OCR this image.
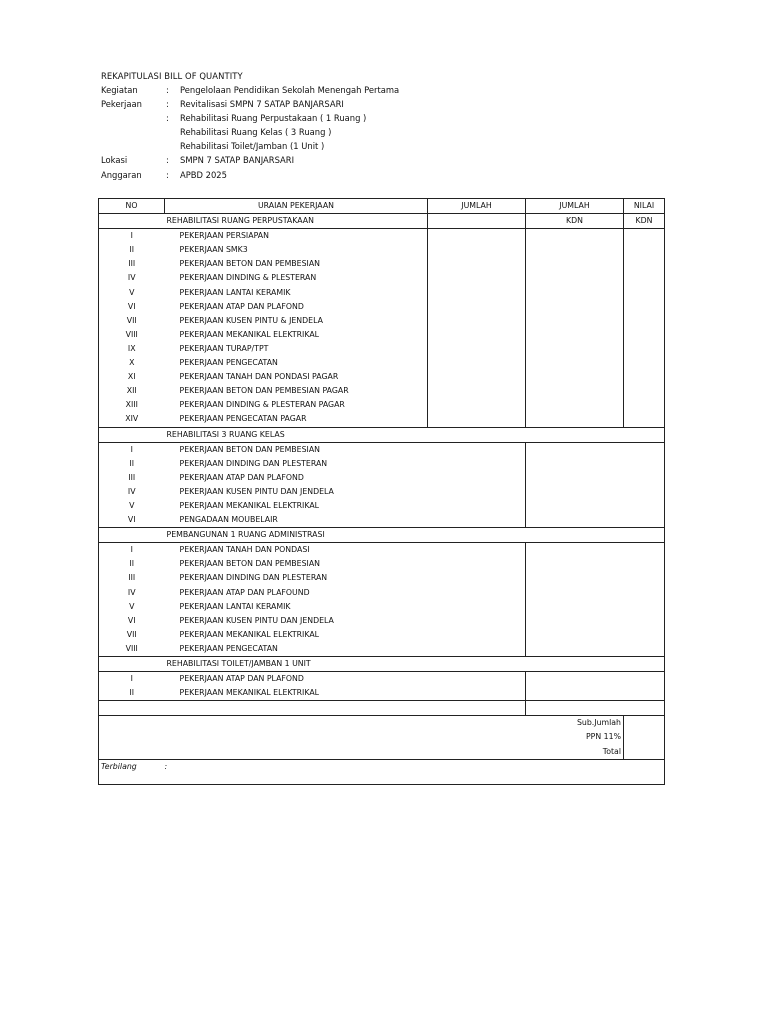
REKAPITULASI BILL OF QUANTITY
Kegiatan	: Pengelolaan Pendidikan Sekolah Menengah Pertama
Pekerjaan	: Revitalisasi SMPN 7 SATAP BANJARSARI
: Rehabilitasi Ruang Perpustakaan ( 1 Ruang )
Rehabilitasi Ruang Kelas ( 3 Ruang )
Rehabilitasi Toilet/Jamban (1 Unit )
Lokasi	: SMPN 7 SATAP BANJARSARI
Anggaran	: APBD 2025
NO	URAIAN PEKERJAAN	JUMLAH	JUMLAH	NILAI	
	REHABILITASI RUANG PERPUSTAKAAN		KDN	KDN	
I	PEKERJAAN PERSIAPAN				
II	PEKERJAAN SMK3				
III	PEKERJAAN BETON DAN PEMBESIAN				
IV	PEKERJAAN DINDING & PLESTERAN				
V	PEKERJAAN LANTAI KERAMIK				
VI	PEKERJAAN ATAP DAN PLAFOND				
VII	PEKERJAAN KUSEN PINTU & JENDELA				
VIII	PEKERJAAN MEKANIKAL ELEKTRIKAL				
IX	PEKERJAAN TURAP/TPT				
X	PEKERJAAN PENGECATAN				
XI	PEKERJAAN TANAH DAN PONDASI PAGAR				
XII	PEKERJAAN BETON DAN PEMBESIAN PAGAR				
XIII	PEKERJAAN DINDING & PLESTERAN PAGAR				
XIV	PEKERJAAN PENGECATAN PAGAR				
	REHABILITASI 3 RUANG KELAS				
I	PEKERJAAN BETON DAN PEMBESIAN				
II	PEKERJAAN DINDING DAN PLESTERAN				
III	PEKERJAAN ATAP DAN PLAFOND				
IV	PEKERJAAN KUSEN PINTU DAN JENDELA				
V	PEKERJAAN MEKANIKAL ELEKTRIKAL				
VI	PENGADAAN MOUBELAIR				
	PEMBANGUNAN 1 RUANG ADMINISTRASI				
I	PEKERJAAN TANAH DAN PONDASI				
II	PEKERJAAN BETON DAN PEMBESIAN				
III	PEKERJAAN DINDING DAN PLESTERAN				
IV	PEKERJAAN ATAP DAN PLAFOUND				
V	PEKERJAAN LANTAI KERAMIK				
VI	PEKERJAAN KUSEN PINTU DAN JENDELA				
VII	PEKERJAAN MEKANIKAL ELEKTRIKAL				
VIII	PEKERJAAN PENGECATAN				
	REHABILITASI TOILET/JAMBAN 1 UNIT				
I	PEKERJAAN ATAP DAN PLAFOND				
II	PEKERJAAN MEKANIKAL ELEKTRIKAL				

	Sub.Jumlah				
	PPN 11%				
	Total				
Terbilang	:				
